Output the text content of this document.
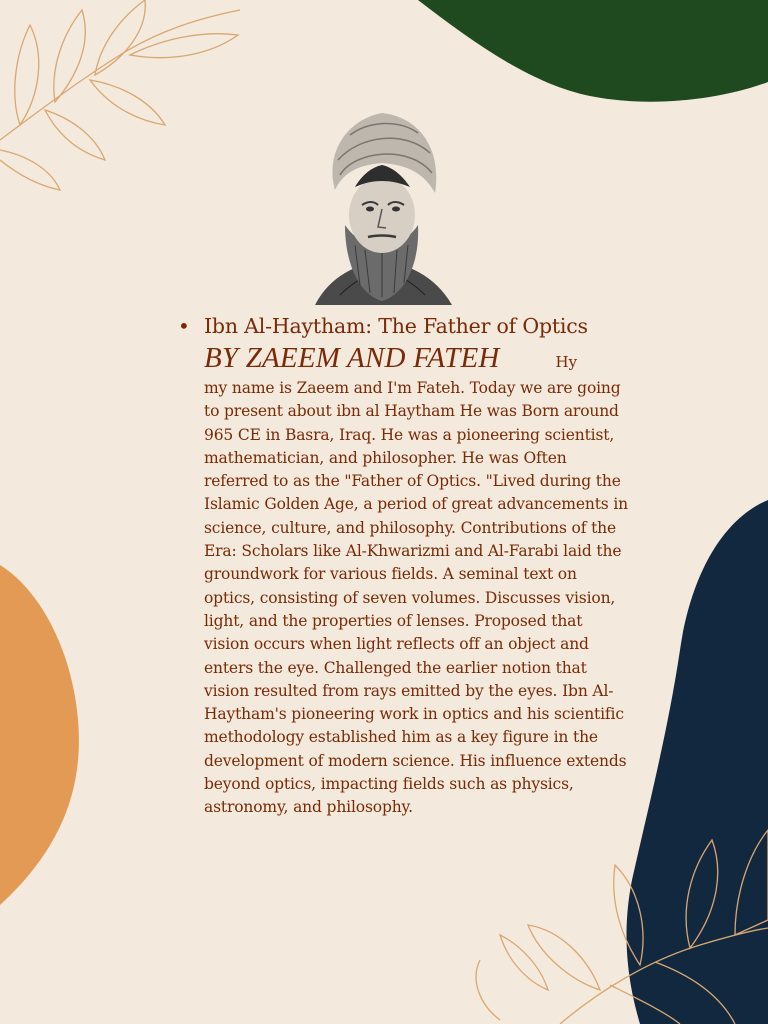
• Ibn Al-Haytham: The Father of Optics
BY ZAEEM AND FATEH	Hy
my name is Zaeem and I'm Fateh. Today we are going to present about ibn al Haytham He was Born around 965 CE in Basra, Iraq. He was a pioneering scientist, mathematician, and philosopher. He was Often referred to as the "Father of Optics. "Lived during the Islamic Golden Age, a period of great advancements in science, culture, and philosophy. Contributions of the Era: Scholars like Al-Khwarizmi and Al-Farabi laid the groundwork for various fields. A seminal text on optics, consisting of seven volumes. Discusses vision, light, and the properties of lenses. Proposed that vision occurs when light reflects off an object and enters the eye. Challenged the earlier notion that vision resulted from rays emitted by the eyes. Ibn Al-Haytham's pioneering work in optics and his scientific methodology established him as a key figure in the development of modern science. His influence extends beyond optics, impacting fields such as physics, astronomy, and philosophy.
